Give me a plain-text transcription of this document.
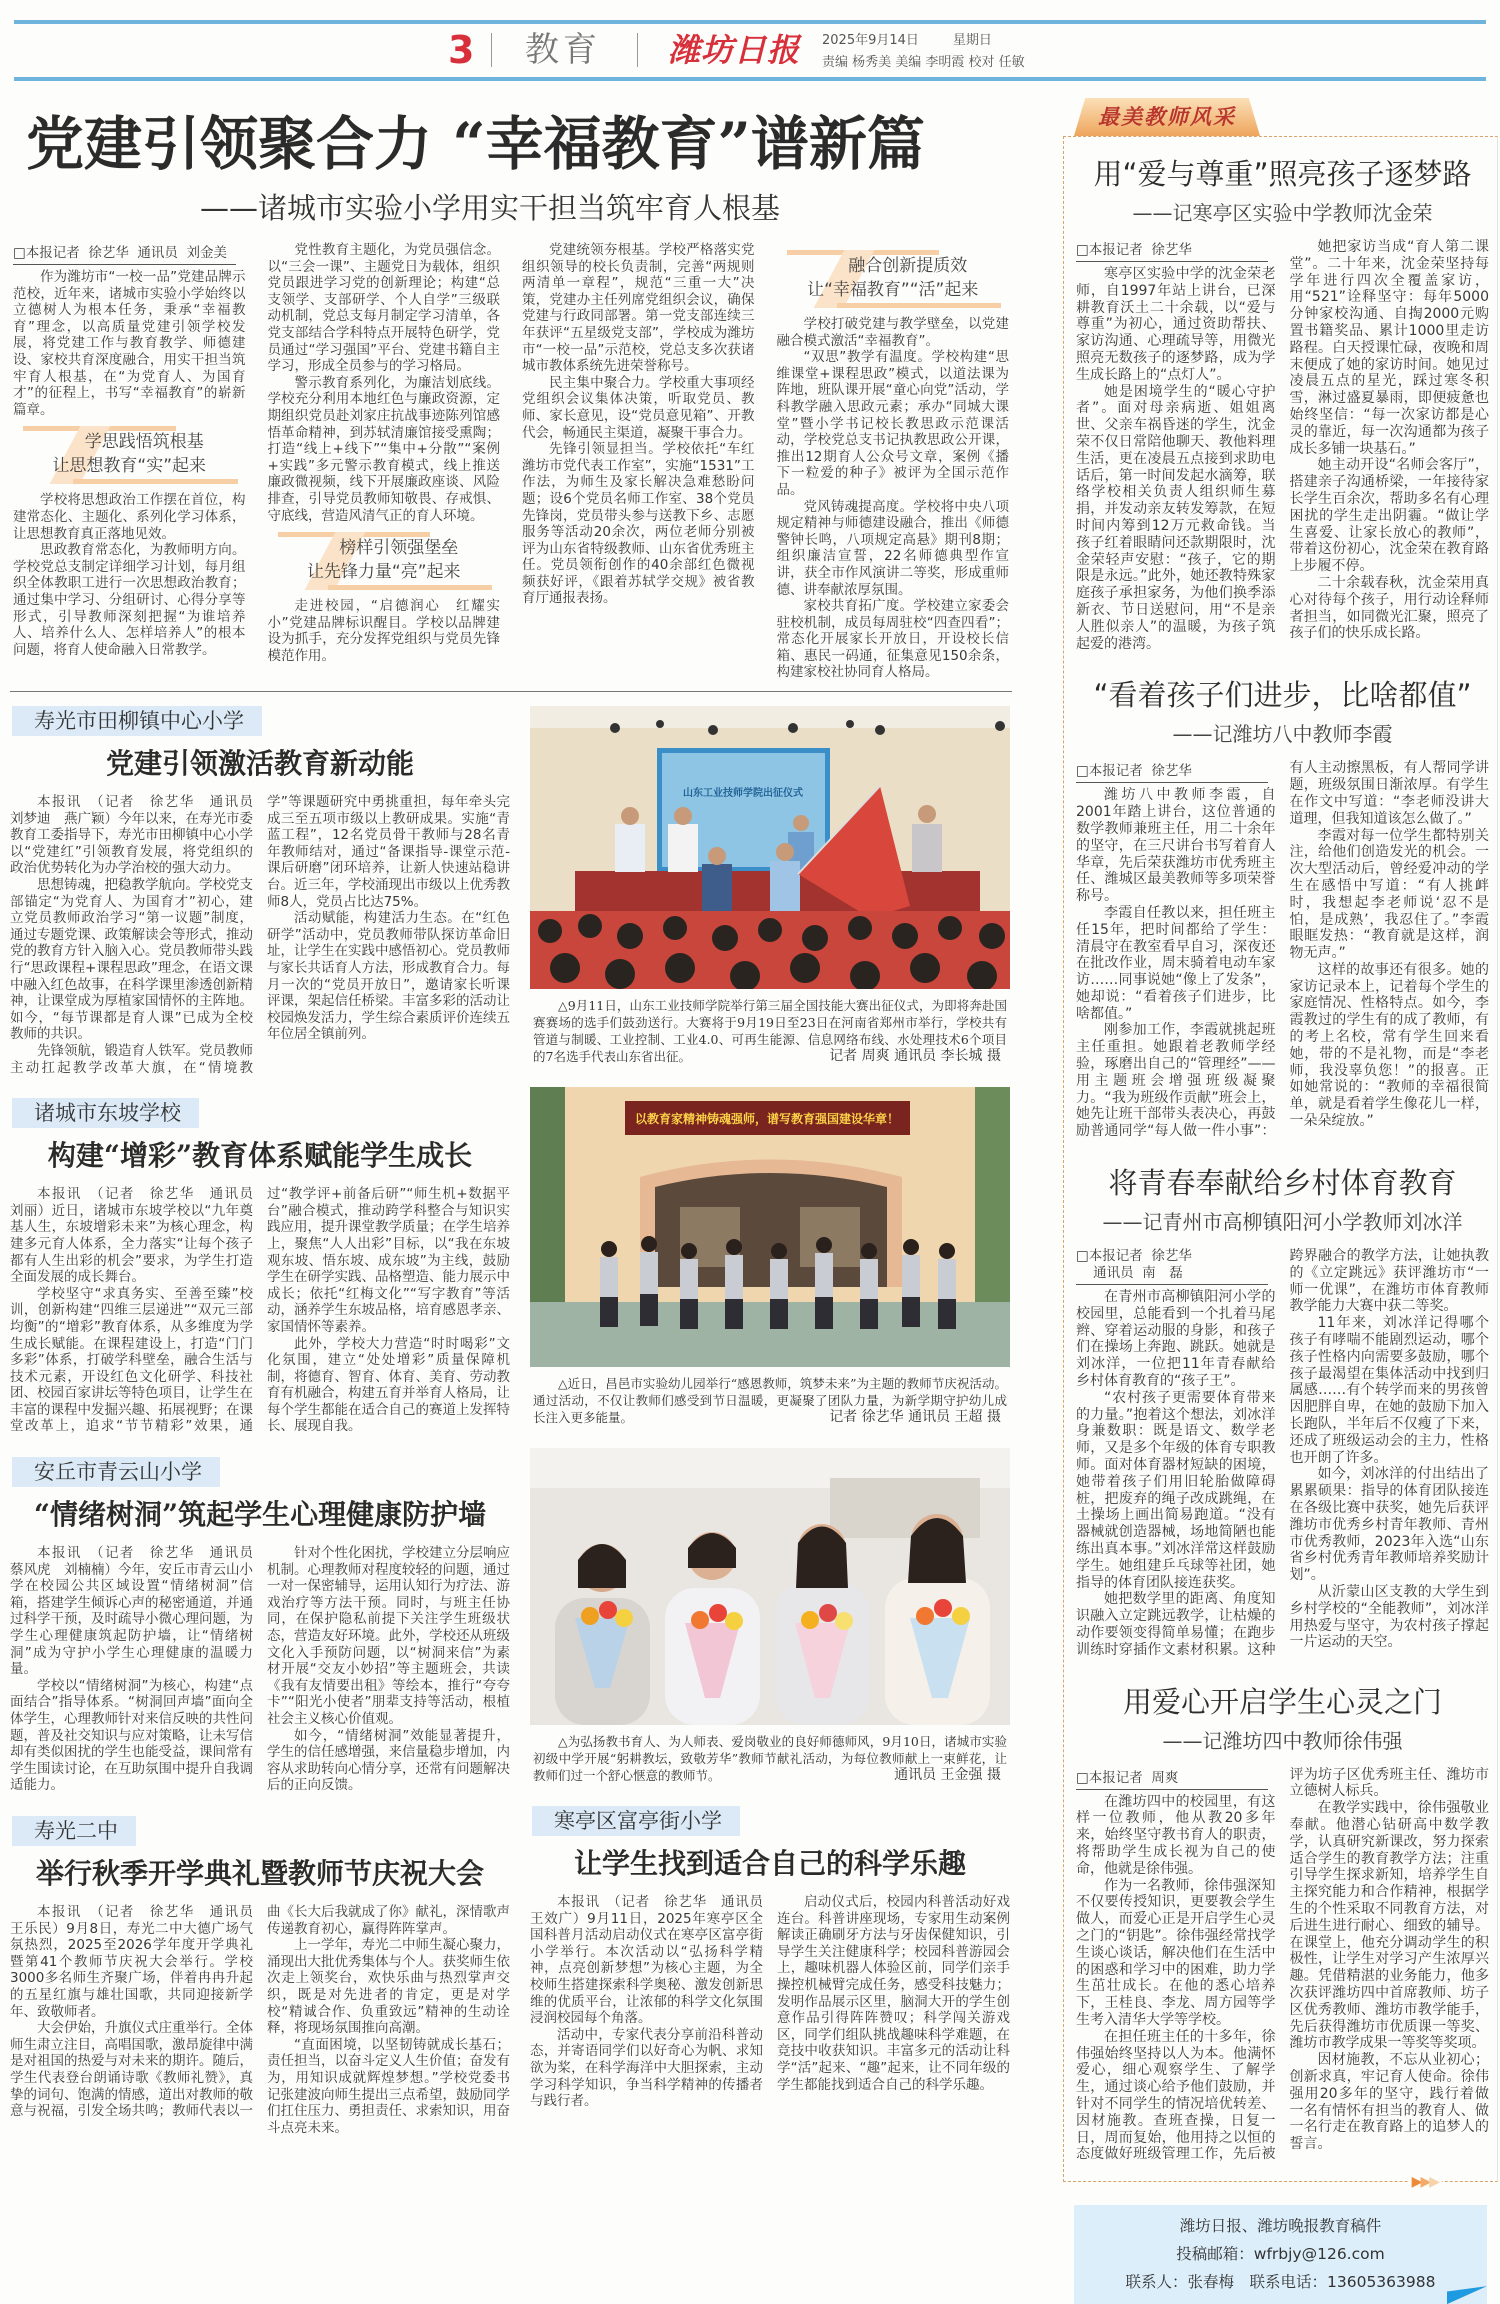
3 教育 潍坊日报 2025年9月14日	星期日
责编 杨秀美 美编 李明霞 校对 任敏
党建引领聚合力 “幸福教育”谱新篇
——诸城市实验小学用实干担当筑牢育人根基
□本报记者  徐艺华  通讯员  刘金美

作为潍坊市“一校一品”党建品牌示范校，近年来，诸城市实验小学始终以立德树人为根本任务，秉承“幸福教育”理念，以高质量党建引领学校发展，将党建工作与教育教学、师德建设、家校共育深度融合，用实干担当筑牢育人根基，在“为党育人、为国育才”的征程上，书写“幸福教育”的崭新篇章。

学思践悟筑根基
让思想教育“实”起来

学校将思想政治工作摆在首位，构建常态化、主题化、系列化学习体系，让思想教育真正落地见效。

思政教育常态化，为教师明方向。学校党总支制定详细学习计划，每月组织全体教职工进行一次思想政治教育；通过集中学习、分组研讨、心得分享等形式，引导教师深刻把握“为谁培养人、培养什么人、怎样培养人”的根本问题，将育人使命融入日常教学。

党性教育主题化，为党员强信念。以“三会一课”、主题党日为载体，组织党员跟进学习党的创新理论；构建“总支领学、支部研学、个人自学”三级联动机制，党总支每月制定学习清单，各党支部结合学科特点开展特色研学，党员通过“学习强国”平台、党建书籍自主学习，形成全员参与的学习格局。

警示教育系列化，为廉洁划底线。学校充分利用本地红色与廉政资源，定期组织党员赴刘家庄抗战事迹陈列馆感悟革命精神，到苏轼清廉馆接受熏陶；打造“线上+线下”“集中+分散”“案例+实践”多元警示教育模式，线上推送廉政微视频，线下开展廉政座谈、风险排查，引导党员教师知敬畏、存戒惧、守底线，营造风清气正的育人环境。

榜样引领强堡垒
让先锋力量“亮”起来

走进校园，“启德润心　红耀实小”党建品牌标识醒目。学校以品牌建设为抓手，充分发挥党组织与党员先锋模范作用。

党建统领夯根基。学校严格落实党组织领导的校长负责制，完善“两规则两清单一章程”，规范“三重一大”决策，党建办主任列席党组织会议，确保党建与行政同部署。第一党支部连续三年获评“五星级党支部”，学校成为潍坊市“一校一品”示范校，党总支多次获诸城市教体系统先进荣誉称号。

民主集中聚合力。学校重大事项经党组织会议集体决策，听取党员、教师、家长意见，设“党员意见箱”、开教代会，畅通民主渠道，凝聚干事合力。

先锋引领显担当。学校依托“车红潍坊市党代表工作室”，实施“1531”工作法，为师生及家长解决急难愁盼问题；设6个党员名师工作室、38个党员先锋岗，党员带头参与送教下乡、志愿服务等活动20余次，两位老师分别被评为山东省特级教师、山东省优秀班主任。党员领衔创作的40余部红色微视频获好评，《跟着苏轼学交规》被省教育厅通报表扬。

融合创新提质效
让“幸福教育”“活”起来

学校打破党建与教学壁垒，以党建融合模式激活“幸福教育”。

“双思”教学有温度。学校构建“思维课堂+课程思政”模式，以道法课为阵地，班队课开展“童心向党”活动，学科教学融入思政元素；承办“同城大课堂”暨小学书记校长教思政示范课活动，学校党总支书记执教思政公开课，推出12期育人公众号文章，案例《播下一粒爱的种子》被评为全国示范作品。

党风铸魂提高度。学校将中央八项规定精神与师德建设融合，推出《师德警钟长鸣，八项规定高悬》期刊8期；组织廉洁宣誓，22名师德典型作宣讲，获全市作风演讲二等奖，形成重师德、讲奉献浓厚氛围。

家校共育拓广度。学校建立家委会驻校机制，成员每周驻校“四查四看”；常态化开展家长开放日，开设校长信箱、惠民一码通，征集意见150余条，构建家校社协同育人格局。

寿光市田柳镇中心小学
党建引领激活教育新动能

本报讯　（记者　徐艺华　通讯员　刘梦迪　燕广颖）今年以来，在寿光市委教育工委指导下，寿光市田柳镇中心小学以“党建红”引领教育发展，将党组织的政治优势转化为办学治校的强大动力。

思想铸魂，把稳教学航向。学校党支部锚定“为党育人、为国育才”初心，建立党员教师政治学习“第一议题”制度，通过专题党课、政策解读会等形式，推动党的教育方针入脑入心。党员教师带头践行“思政课程+课程思政”理念，在语文课中融入红色故事，在科学课里渗透创新精神，让课堂成为厚植家国情怀的主阵地。如今，“每节课都是育人课”已成为全校教师的共识。

先锋领航，锻造育人铁军。党员教师主动扛起教学改革大旗，在“情境教学”等课题研究中勇挑重担，每年牵头完成三至五项市级以上教研成果。实施“青蓝工程”，12名党员骨干教师与28名青年教师结对，通过“备课指导-课堂示范-课后研磨”闭环培养，让新人快速站稳讲台。近三年，学校涌现出市级以上优秀教师8人，党员占比达75%。

活动赋能，构建活力生态。在“红色研学”活动中，党员教师带队探访革命旧址，让学生在实践中感悟初心。党员教师与家长共话育人方法，形成教育合力。每月一次的“党员开放日”，邀请家长听课评课，架起信任桥梁。丰富多彩的活动让校园焕发活力，学生综合素质评价连续五年位居全镇前列。

诸城市东坡学校
构建“增彩”教育体系赋能学生成长

本报讯　（记者　徐艺华　通讯员　刘丽）近日，诸城市东坡学校以“九年奠基人生，东坡增彩未来”为核心理念，构建多元育人体系，全力落实“让每个孩子都有人生出彩的机会”要求，为学生打造全面发展的成长舞台。

学校坚守“求真务实、至善至臻”校训，创新构建“四维三层递进”“双元三部均衡”的“增彩”教育体系，从多维度为学生成长赋能。在课程建设上，打造“门门多彩”体系，打破学科壁垒，融合生活与技术元素，开设红色文化研学、科技社团、校园百家讲坛等特色项目，让学生在丰富的课程中发掘兴趣、拓展视野；在课堂改革上，追求“节节精彩”效果，通过“教学评+前备后研”“师生机+数据平台”融合模式，推动跨学科整合与知识实践应用，提升课堂教学质量；在学生培养上，聚焦“人人出彩”目标，以“我在东坡观东坡、悟东坡、成东坡”为主线，鼓励学生在研学实践、品格塑造、能力展示中成长；依托“红梅文化”“写字教育”等活动，涵养学生东坡品格，培育感恩孝亲、家国情怀等素养。

此外，学校大力营造“时时喝彩”文化氛围，建立“处处增彩”质量保障机制，将德育、智育、体育、美育、劳动教育有机融合，构建五育并举育人格局，让每个学生都能在适合自己的赛道上发挥特长、展现自我。

安丘市青云山小学
“情绪树洞”筑起学生心理健康防护墙

本报讯　（记者　徐艺华　通讯员　蔡风虎　刘楠楠）今年，安丘市青云山小学在校园公共区域设置“情绪树洞”信箱，搭建学生倾诉心声的秘密通道，并通过科学干预，及时疏导小微心理问题，为学生心理健康筑起防护墙，让“情绪树洞”成为守护小学生心理健康的温暖力量。

学校以“情绪树洞”为核心，构建“点面结合”指导体系。“树洞回声墙”面向全体学生，心理教师针对来信反映的共性问题，普及社交知识与应对策略，让未写信却有类似困扰的学生也能受益，课间常有学生围读讨论，在互助氛围中提升自我调适能力。

针对个性化困扰，学校建立分层响应机制。心理教师对程度较轻的问题，通过一对一保密辅导，运用认知行为疗法、游戏治疗等方法干预。同时，与班主任协同，在保护隐私前提下关注学生班级状态，营造友好环境。此外，学校还从班级文化入手预防问题，以“树洞来信”为素材开展“交友小妙招”等主题班会，共读《我有友情要出租》等绘本，推行“夸夸卡”“阳光小使者”朋辈支持等活动，根植社会主义核心价值观。

如今，“情绪树洞”效能显著提升，学生的信任感增强，来信量稳步增加，内容从求助转向心情分享，还常有问题解决后的正向反馈。

寿光二中
举行秋季开学典礼暨教师节庆祝大会

本报讯　（记者　徐艺华　通讯员　王乐民）9月8日，寿光二中大德广场气氛热烈，2025至2026学年度开学典礼暨第41个教师节庆祝大会举行。学校3000多名师生齐聚广场，伴着冉冉升起的五星红旗与雄壮国歌，共同迎接新学年、致敬师者。

大会伊始，升旗仪式庄重举行。全体师生肃立注目，高唱国歌，激昂旋律中满是对祖国的热爱与对未来的期许。随后，学生代表登台朗诵诗歌《教师礼赞》，真挚的词句、饱满的情感，道出对教师的敬意与祝福，引发全场共鸣；教师代表以一曲《长大后我就成了你》献礼，深情歌声传递教育初心，赢得阵阵掌声。

上一学年，寿光二中师生凝心聚力，涌现出大批优秀集体与个人。获奖师生依次走上领奖台，欢快乐曲与热烈掌声交织，既是对先进者的肯定，更是对学校“精诚合作、负重致远”精神的生动诠释，将现场氛围推向高潮。

“直面困境，以坚韧铸就成长基石；责任担当，以奋斗定义人生价值；奋发有为，用知识成就辉煌梦想。”学校党委书记张建波向师生提出三点希望，鼓励同学们扛住压力、勇担责任、求索知识，用奋斗点亮未来。

山东工业技师学院出征仪式
△9月11日，山东工业技师学院举行第三届全国技能大赛出征仪式，为即将奔赴国赛赛场的选手们鼓劲送行。大赛将于9月19日至23日在河南省郑州市举行，学校共有管道与制暖、工业控制、工业4.0、可再生能源、信息网络布线、水处理技术6个项目的7名选手代表山东省出征。	记者 周爽 通讯员 李长城 摄
以教育家精神铸魂强师，谱写教育强国建设华章！
△近日，昌邑市实验幼儿园举行“感恩教师，筑梦未来”为主题的教师节庆祝活动。通过活动，不仅让教师们感受到节日温暖，更凝聚了团队力量，为新学期守护幼儿成长注入更多能量。	记者 徐艺华 通讯员 王超 摄
△为弘扬教书育人、为人师表、爱岗敬业的良好师德师风，9月10日，诸城市实验初级中学开展“躬耕教坛，致敬芳华”教师节献礼活动，为每位教师献上一束鲜花，让教师们过一个舒心惬意的教师节。	通讯员 王金强 摄
寒亭区富亭街小学
让学生找到适合自己的科学乐趣

本报讯　（记者　徐艺华　通讯员　王效广）9月11日，2025年寒亭区全国科普月活动启动仪式在寒亭区富亭街小学举行。本次活动以“弘扬科学精神，点亮创新梦想”为核心主题，为全校师生搭建探索科学奥秘、激发创新思维的优质平台，让浓郁的科学文化氛围浸润校园每个角落。

活动中，专家代表分享前沿科普动态，并寄语同学们以好奇心为帆、求知欲为桨，在科学海洋中大胆探索，主动学习科学知识，争当科学精神的传播者与践行者。

启动仪式后，校园内科普活动好戏连台。科普讲座现场，专家用生动案例解读正确刷牙方法与牙齿保健知识，引导学生关注健康科学；校园科普游园会上，趣味机器人体验区前，同学们亲手操控机械臂完成任务，感受科技魅力；发明作品展示区里，脑洞大开的学生创意作品引得阵阵赞叹；科学闯关游戏区，同学们组队挑战趣味科学难题，在竞技中收获知识。丰富多元的活动让科学“活”起来、“趣”起来，让不同年级的学生都能找到适合自己的科学乐趣。

最美教师风采
用“爱与尊重”照亮孩子逐梦路
——记寒亭区实验中学教师沈金荣
□本报记者  徐艺华

寒亭区实验中学的沈金荣老师，自1997年站上讲台，已深耕教育沃土二十余载，以“爱与尊重”为初心，通过资助帮扶、家访沟通、心理疏导等，用微光照亮无数孩子的逐梦路，成为学生成长路上的“点灯人”。

她是困境学生的“暖心守护者”。面对母亲病逝、姐姐离世、父亲车祸昏迷的学生，沈金荣不仅日常陪他聊天、教他料理生活，更在凌晨五点接到求助电话后，第一时间发起水滴筹，联络学校相关负责人组织师生募捐，并发动亲友转发筹款，在短时间内筹到12万元救命钱。当孩子红着眼睛问还款期限时，沈金荣轻声安慰：“孩子，它的期限是永远。”此外，她还教特殊家庭孩子承担家务，为他们换季添新衣、节日送慰问，用“不是亲人胜似亲人”的温暖，为孩子筑起爱的港湾。

她把家访当成“育人第二课堂”。二十年来，沈金荣坚持每学年进行四次全覆盖家访，用“521”诠释坚守：每年5000分钟家校沟通、自掏2000元购置书籍奖品、累计1000里走访路程。白天授课忙碌，夜晚和周末便成了她的家访时间。她见过凌晨五点的星光，踩过寒冬积雪，淋过盛夏暴雨，即便疲惫也始终坚信：“每一次家访都是心灵的靠近，每一次沟通都为孩子成长多铺一块基石。”

她主动开设“名师会客厅”，搭建亲子沟通桥梁，一年接待家长学生百余次，帮助多名有心理困扰的学生走出阴霾。“做让学生喜爱、让家长放心的教师”，带着这份初心，沈金荣在教育路上步履不停。

二十余载春秋，沈金荣用真心对待每个孩子，用行动诠释师者担当，如同微光汇聚，照亮了孩子们的快乐成长路。

“看着孩子们进步，比啥都值”
——记潍坊八中教师李霞
□本报记者  徐艺华

潍坊八中教师李霞，自2001年踏上讲台，这位普通的数学教师兼班主任，用二十余年的坚守，在三尺讲台书写着育人华章，先后荣获潍坊市优秀班主任、潍城区最美教师等多项荣誉称号。

李霞自任教以来，担任班主任15年，把时间都给了学生：清晨守在教室看早自习，深夜还在批改作业，周末骑着电动车家访……同事说她“像上了发条”，她却说：“看着孩子们进步，比啥都值。”

刚参加工作，李霞就挑起班主任重担。她跟着老教师学经验，琢磨出自己的“管理经”——用主题班会增强班级凝聚力。“我为班级作贡献”班会上，她先让班干部带头表决心，再鼓励普通同学“每人做一件小事”：有人主动擦黑板，有人帮同学讲题，班级氛围日渐浓厚。有学生在作文中写道：“李老师没讲大道理，但我知道该怎么做了。”

李霞对每一位学生都特别关注，给他们创造发光的机会。一次大型活动后，曾经爱冲动的学生在感悟中写道：“有人挑衅时，我想起李老师说‘忍不是怕，是成熟’，我忍住了。”李霞眼眶发热：“教育就是这样，润物无声。”

这样的故事还有很多。她的家访记录本上，记着每个学生的家庭情况、性格特点。如今，李霞教过的学生有的成了教师，有的考上名校，常有学生回来看她，带的不是礼物，而是“李老师，我没辜负您！”的报喜。正如她常说的：“教师的幸福很简单，就是看着学生像花儿一样，一朵朵绽放。”

将青春奉献给乡村体育教育
——记青州市高柳镇阳河小学教师刘冰洋
□本报记者  徐艺华
通讯员  南　磊

在青州市高柳镇阳河小学的校园里，总能看到一个扎着马尾辫、穿着运动服的身影，和孩子们在操场上奔跑、跳跃。她就是刘冰洋，一位把11年青春献给乡村体育教育的“孩子王”。

“农村孩子更需要体育带来的力量。”抱着这个想法，刘冰洋身兼数职：既是语文、数学老师，又是多个年级的体育专职教师。面对体育器材短缺的困境，她带着孩子们用旧轮胎做障碍桩，把废弃的绳子改成跳绳，在土操场上画出简易跑道。“没有器械就创造器械，场地简陋也能练出真本事。”刘冰洋常这样鼓励学生。她组建乒乓球等社团，她指导的体育团队接连获奖。

她把数学里的距离、角度知识融入立定跳远教学，让枯燥的动作要领变得简单易懂；在跑步训练时穿插作文素材积累。这种跨界融合的教学方法，让她执教的《立定跳远》获评潍坊市“一师一优课”，在潍坊市体育教师教学能力大赛中获二等奖。

11年来，刘冰洋记得哪个孩子有哮喘不能剧烈运动，哪个孩子性格内向需要多鼓励，哪个孩子最渴望在集体活动中找到归属感……有个转学而来的男孩曾因肥胖自卑，在她的鼓励下加入长跑队，半年后不仅瘦了下来，还成了班级运动会的主力，性格也开朗了许多。

如今，刘冰洋的付出结出了累累硕果：指导的体育团队接连在各级比赛中获奖，她先后获评潍坊市优秀乡村青年教师、青州市优秀教师，2023年入选“山东省乡村优秀青年教师培养奖励计划”。

从沂蒙山区支教的大学生到乡村学校的“全能教师”，刘冰洋用热爱与坚守，为农村孩子撑起一片运动的天空。

用爱心开启学生心灵之门
——记潍坊四中教师徐伟强
□本报记者  周爽

在潍坊四中的校园里，有这样一位教师，他从教20多年来，始终坚守教书育人的职责，将帮助学生成长视为自己的使命，他就是徐伟强。

作为一名教师，徐伟强深知不仅要传授知识，更要教会学生做人，而爱心正是开启学生心灵之门的“钥匙”。徐伟强经常找学生谈心谈话，解决他们在生活中的困惑和学习中的困难，助力学生茁壮成长。在他的悉心培养下，王桂良、李龙、周方园等学生考入清华大学等学校。

在担任班主任的十多年，徐伟强始终坚持以人为本。他满怀爱心，细心观察学生、了解学生，通过谈心给予他们鼓励，并针对不同学生的情况培优转差、因材施教。查班查操，日复一日，周而复始，他用持之以恒的态度做好班级管理工作，先后被评为坊子区优秀班主任、潍坊市立德树人标兵。

在教学实践中，徐伟强敬业奉献。他潜心钻研高中数学教学，认真研究新课改，努力探索适合学生的教育教学方法；注重引导学生探求新知，培养学生自主探究能力和合作精神，根据学生的个性采取不同教育方法，对后进生进行耐心、细致的辅导。在课堂上，他充分调动学生的积极性，让学生对学习产生浓厚兴趣。凭借精湛的业务能力，他多次获评潍坊四中首席教师、坊子区优秀教师、潍坊市教学能手，先后获得潍坊市优质课一等奖、潍坊市教学成果一等奖等奖项。

因材施教，不忘从业初心；创新求真，牢记育人使命。徐伟强用20多年的坚守，践行着做一名有情怀有担当的教育人、做一名行走在教育路上的追梦人的誓言。

▶▶▶
潍坊日报、潍坊晚报教育稿件
投稿邮箱：wfrbjy@126.com
联系人：张春梅　联系电话：13605363988
